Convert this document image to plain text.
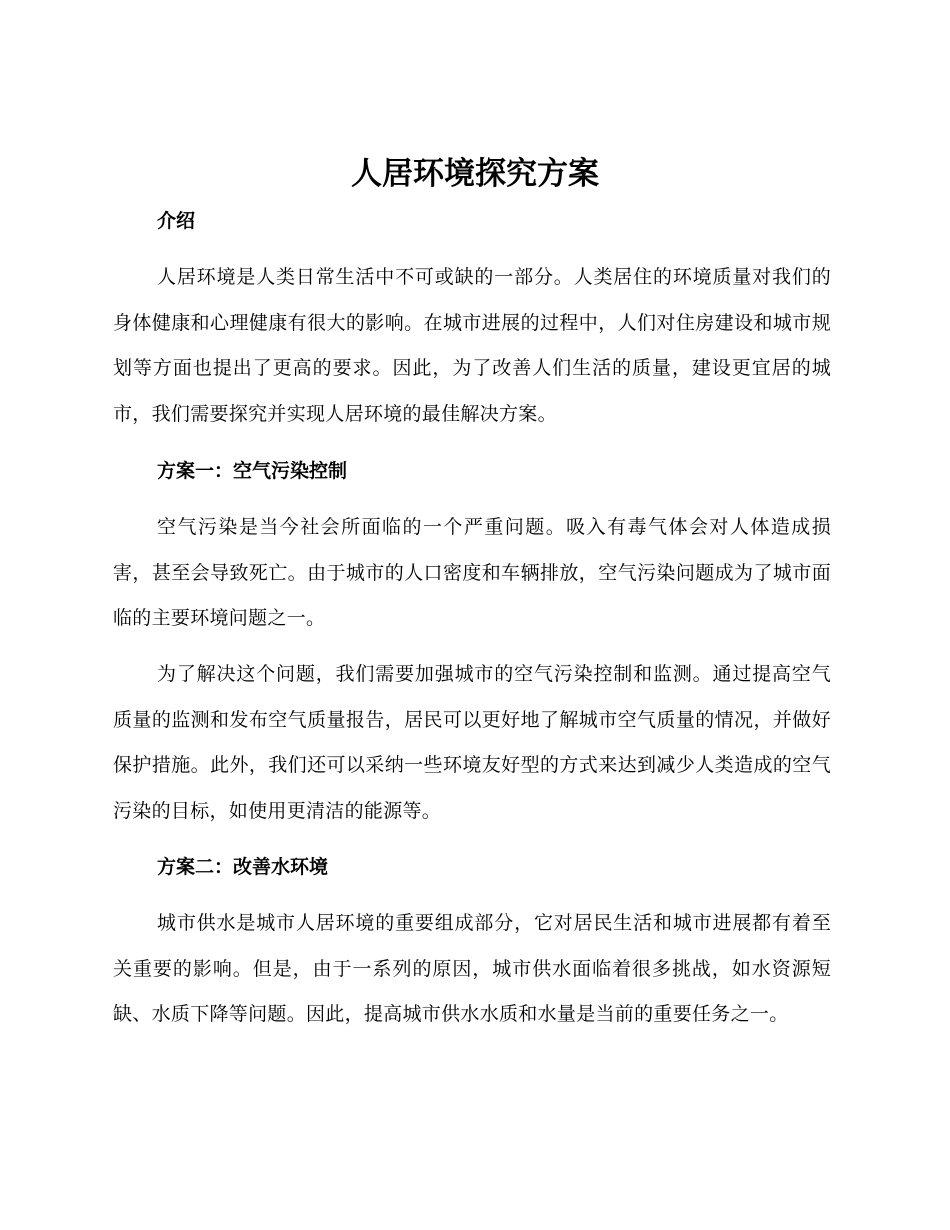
人居环境探究方案
介绍

人居环境是人类日常生活中不可或缺的一部分。人类居住的环境质量对我们的身体健康和心理健康有很大的影响。在城市进展的过程中，人们对住房建设和城市规划等方面也提出了更高的要求。因此，为了改善人们生活的质量，建设更宜居的城市，我们需要探究并实现人居环境的最佳解决方案。

方案一：空气污染控制

空气污染是当今社会所面临的一个严重问题。吸入有毒气体会对人体造成损害，甚至会导致死亡。由于城市的人口密度和车辆排放，空气污染问题成为了城市面临的主要环境问题之一。

为了解决这个问题，我们需要加强城市的空气污染控制和监测。通过提高空气质量的监测和发布空气质量报告，居民可以更好地了解城市空气质量的情况，并做好保护措施。此外，我们还可以采纳一些环境友好型的方式来达到减少人类造成的空气污染的目标，如使用更清洁的能源等。

方案二：改善水环境

城市供水是城市人居环境的重要组成部分，它对居民生活和城市进展都有着至关重要的影响。但是，由于一系列的原因，城市供水面临着很多挑战，如水资源短缺、水质下降等问题。因此，提高城市供水水质和水量是当前的重要任务之一。
